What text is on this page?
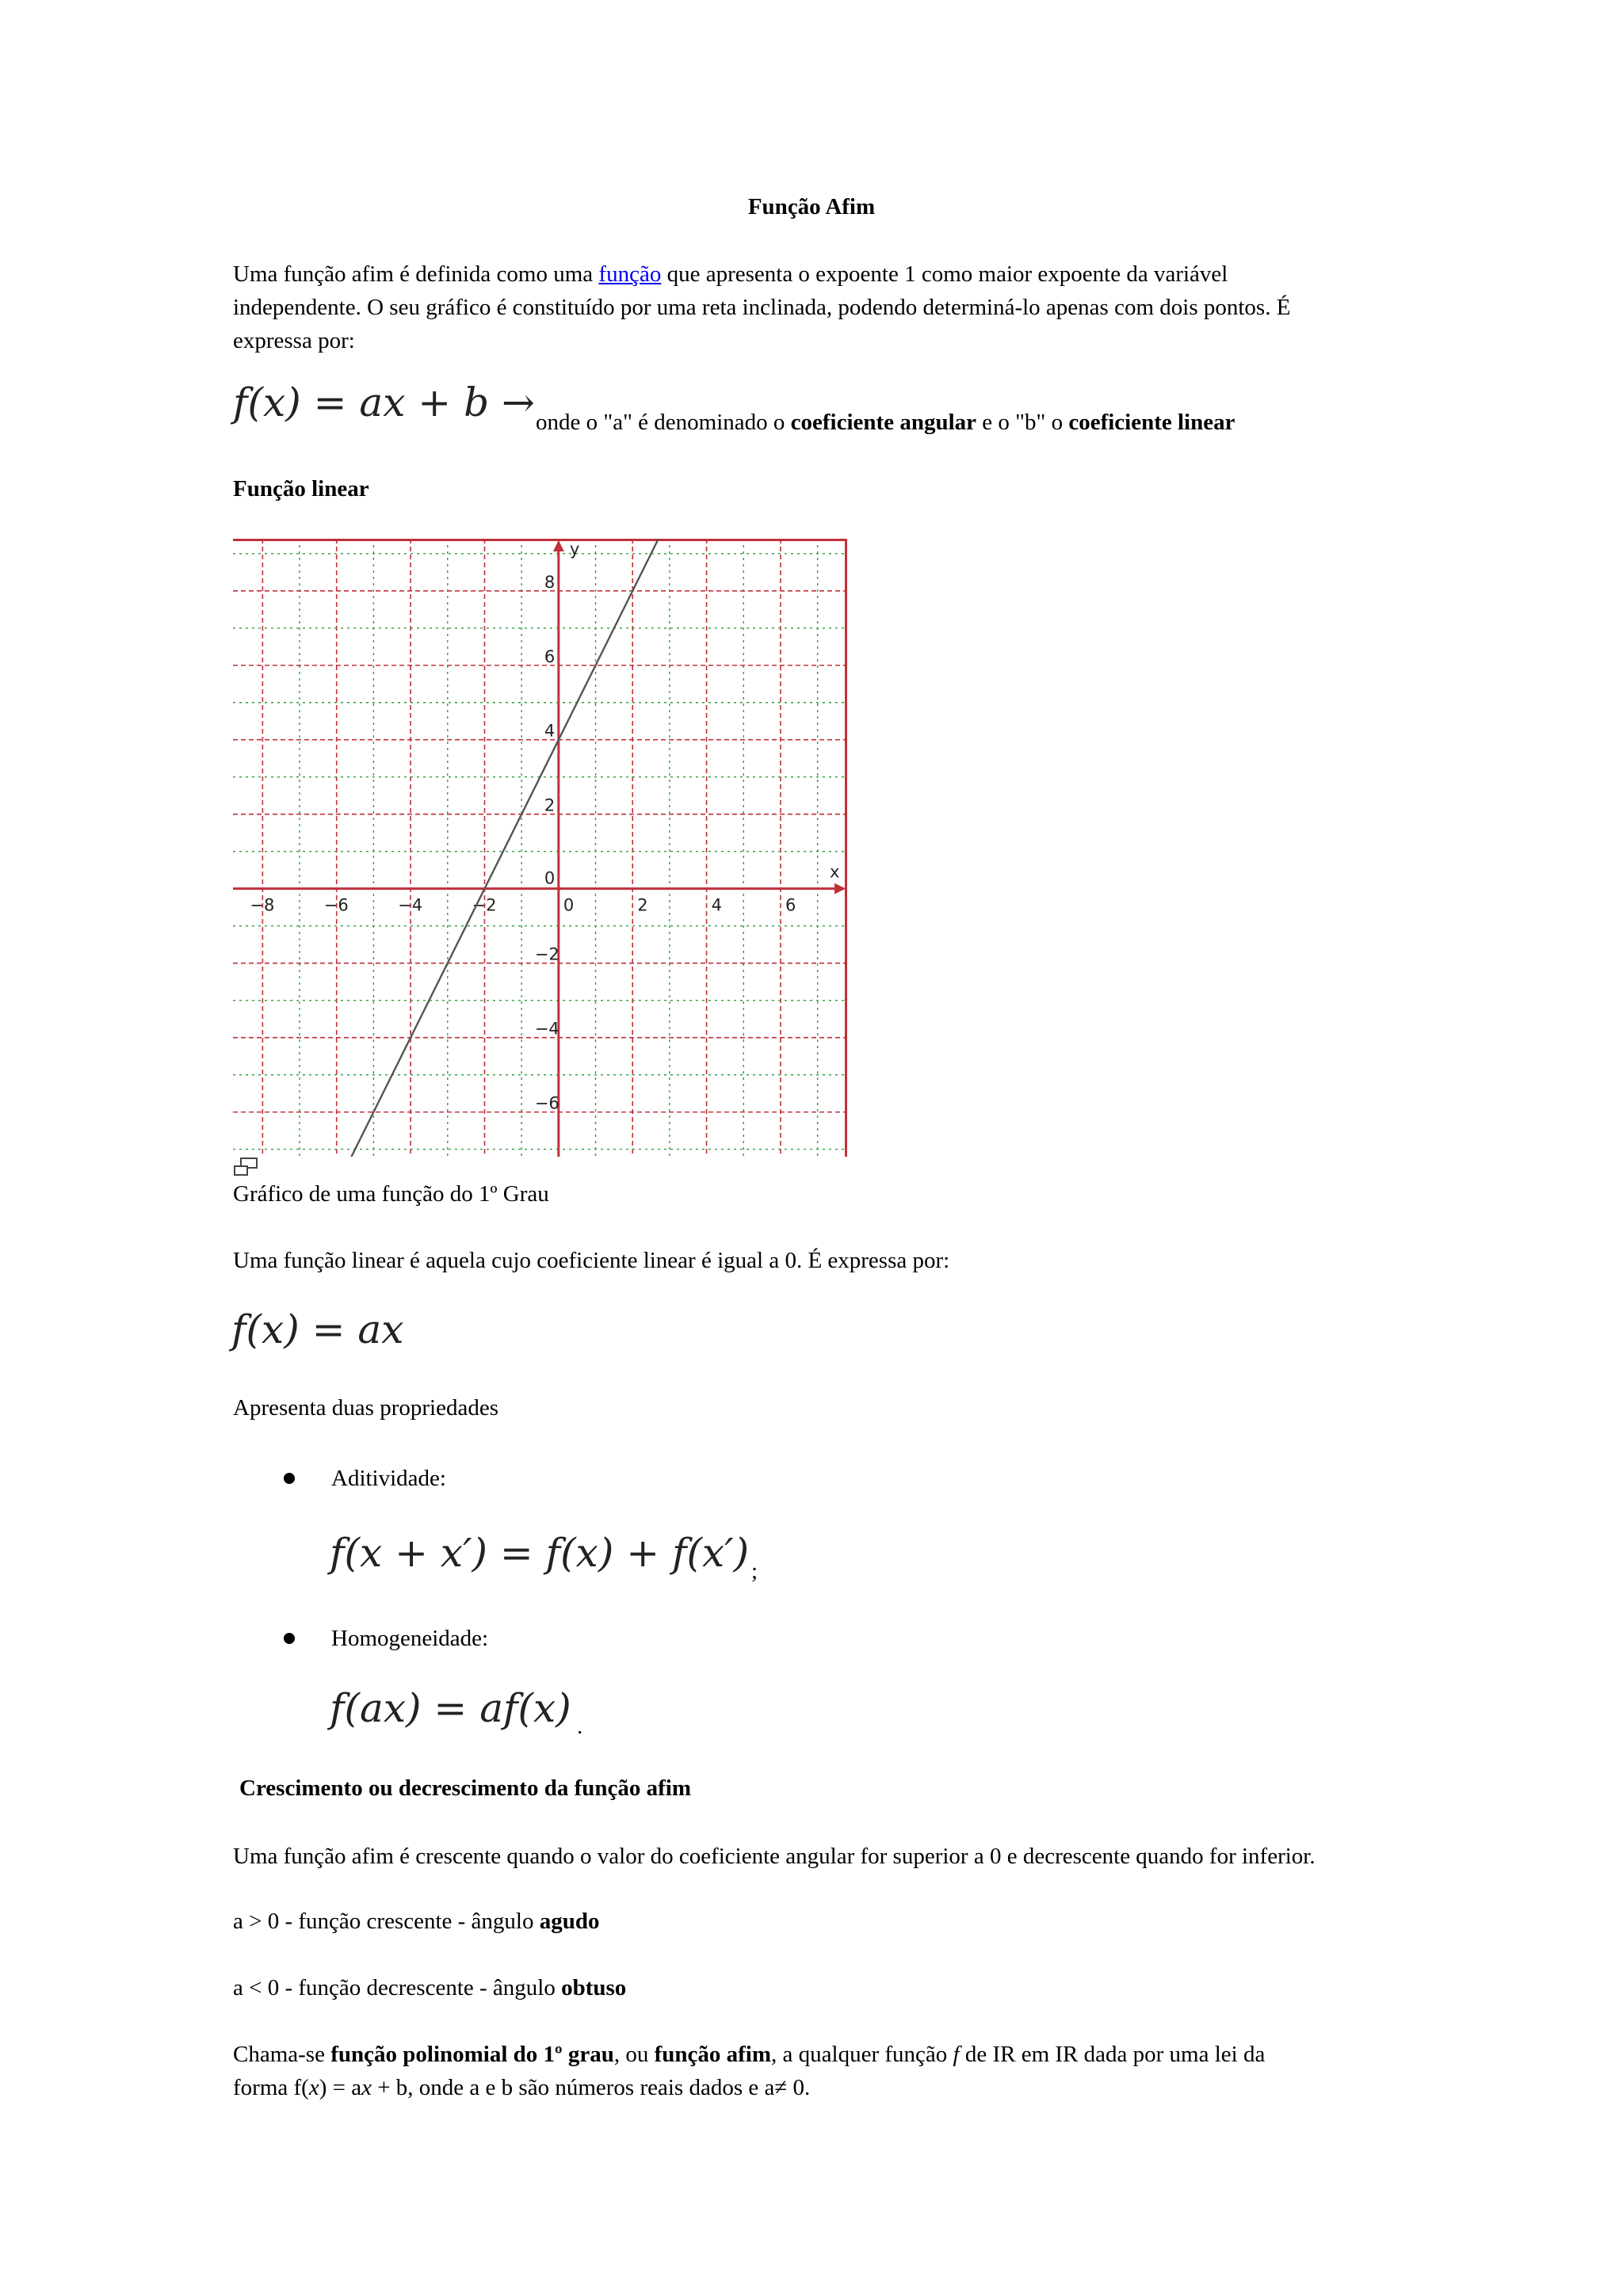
Função Afim
Uma função afim é definida como uma função que apresenta o expoente 1 como maior expoente da variável
independente. O seu gráfico é constituído por uma reta inclinada, podendo determiná-lo apenas com dois pontos. É
expressa por:
f(x) = ax + b → onde o "a" é denominado o coeficiente angular e o "b" o coeficiente linear
Função linear
x
y
−8	−6	−4	−2	0	2	4	6
8
6
4
2
−2
−4
−6
0
Gráfico de uma função do 1º Grau
Uma função linear é aquela cujo coeficiente linear é igual a 0. É expressa por:
f(x) = ax
Apresenta duas propriedades
Aditividade:
f(x + x′) = f(x) + f(x′) ;
Homogeneidade:
f(ax) = af(x) .
Crescimento ou decrescimento da função afim
Uma função afim é crescente quando o valor do coeficiente angular for superior a 0 e decrescente quando for inferior.
a > 0 - função crescente - ângulo agudo
a < 0 - função decrescente - ângulo obtuso
Chama-se função polinomial do 1º grau, ou função afim, a qualquer função f de IR em IR dada por uma lei da
forma f(x) = ax + b, onde a e b são números reais dados e a≠ 0.
